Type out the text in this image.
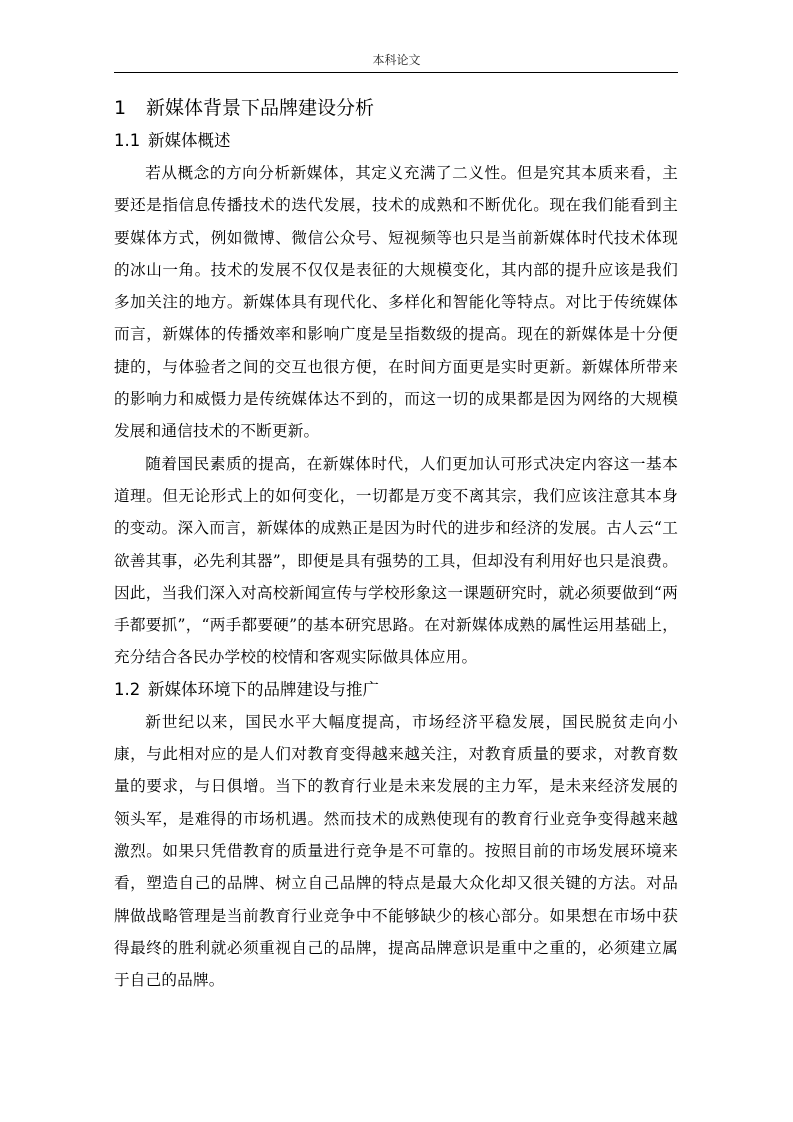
本科论文
1 新媒体背景下品牌建设分析
1.1 新媒体概述

若从概念的方向分析新媒体，其定义充满了二义性。但是究其本质来看，主要还是指信息传播技术的迭代发展，技术的成熟和不断优化。现在我们能看到主要媒体方式，例如微博、微信公众号、短视频等也只是当前新媒体时代技术体现的冰山一角。技术的发展不仅仅是表征的大规模变化，其内部的提升应该是我们多加关注的地方。新媒体具有现代化、多样化和智能化等特点。对比于传统媒体而言，新媒体的传播效率和影响广度是呈指数级的提高。现在的新媒体是十分便捷的，与体验者之间的交互也很方便，在时间方面更是实时更新。新媒体所带来的影响力和威慑力是传统媒体达不到的，而这一切的成果都是因为网络的大规模发展和通信技术的不断更新。

随着国民素质的提高，在新媒体时代，人们更加认可形式决定内容这一基本道理。但无论形式上的如何变化，一切都是万变不离其宗，我们应该注意其本身的变动。深入而言，新媒体的成熟正是因为时代的进步和经济的发展。古人云“工欲善其事，必先利其器”，即便是具有强势的工具，但却没有利用好也只是浪费。因此，当我们深入对高校新闻宣传与学校形象这一课题研究时，就必须要做到“两手都要抓”，“两手都要硬”的基本研究思路。在对新媒体成熟的属性运用基础上，充分结合各民办学校的校情和客观实际做具体应用。

1.2 新媒体环境下的品牌建设与推广

新世纪以来，国民水平大幅度提高，市场经济平稳发展，国民脱贫走向小康，与此相对应的是人们对教育变得越来越关注，对教育质量的要求，对教育数量的要求，与日俱增。当下的教育行业是未来发展的主力军，是未来经济发展的领头军，是难得的市场机遇。然而技术的成熟使现有的教育行业竞争变得越来越激烈。如果只凭借教育的质量进行竞争是不可靠的。按照目前的市场发展环境来看，塑造自己的品牌、树立自己品牌的特点是最大众化却又很关键的方法。对品牌做战略管理是当前教育行业竞争中不能够缺少的核心部分。如果想在市场中获得最终的胜利就必须重视自己的品牌，提高品牌意识是重中之重的，必须建立属于自己的品牌。
